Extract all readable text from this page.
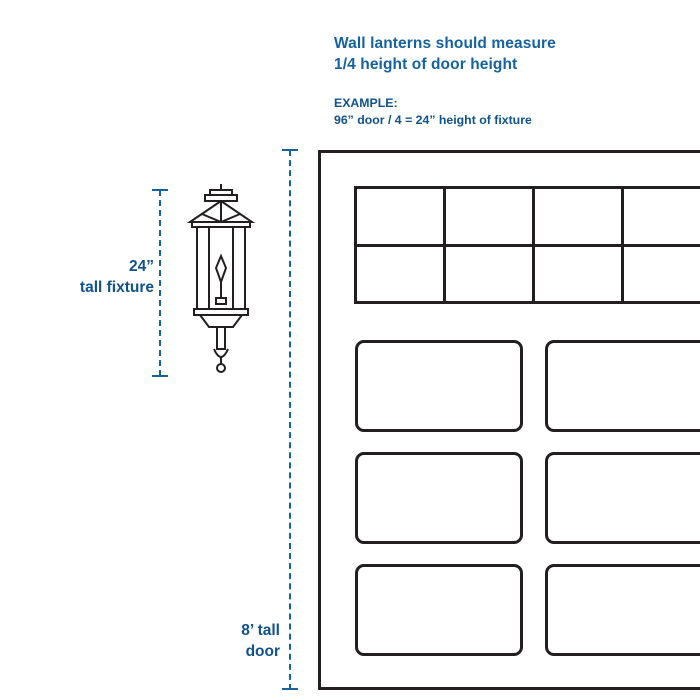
Wall lanterns should measure
1/4 height of door height
EXAMPLE:
96” door / 4 = 24” height of fixture
24”
tall fixture
8’ tall
door
